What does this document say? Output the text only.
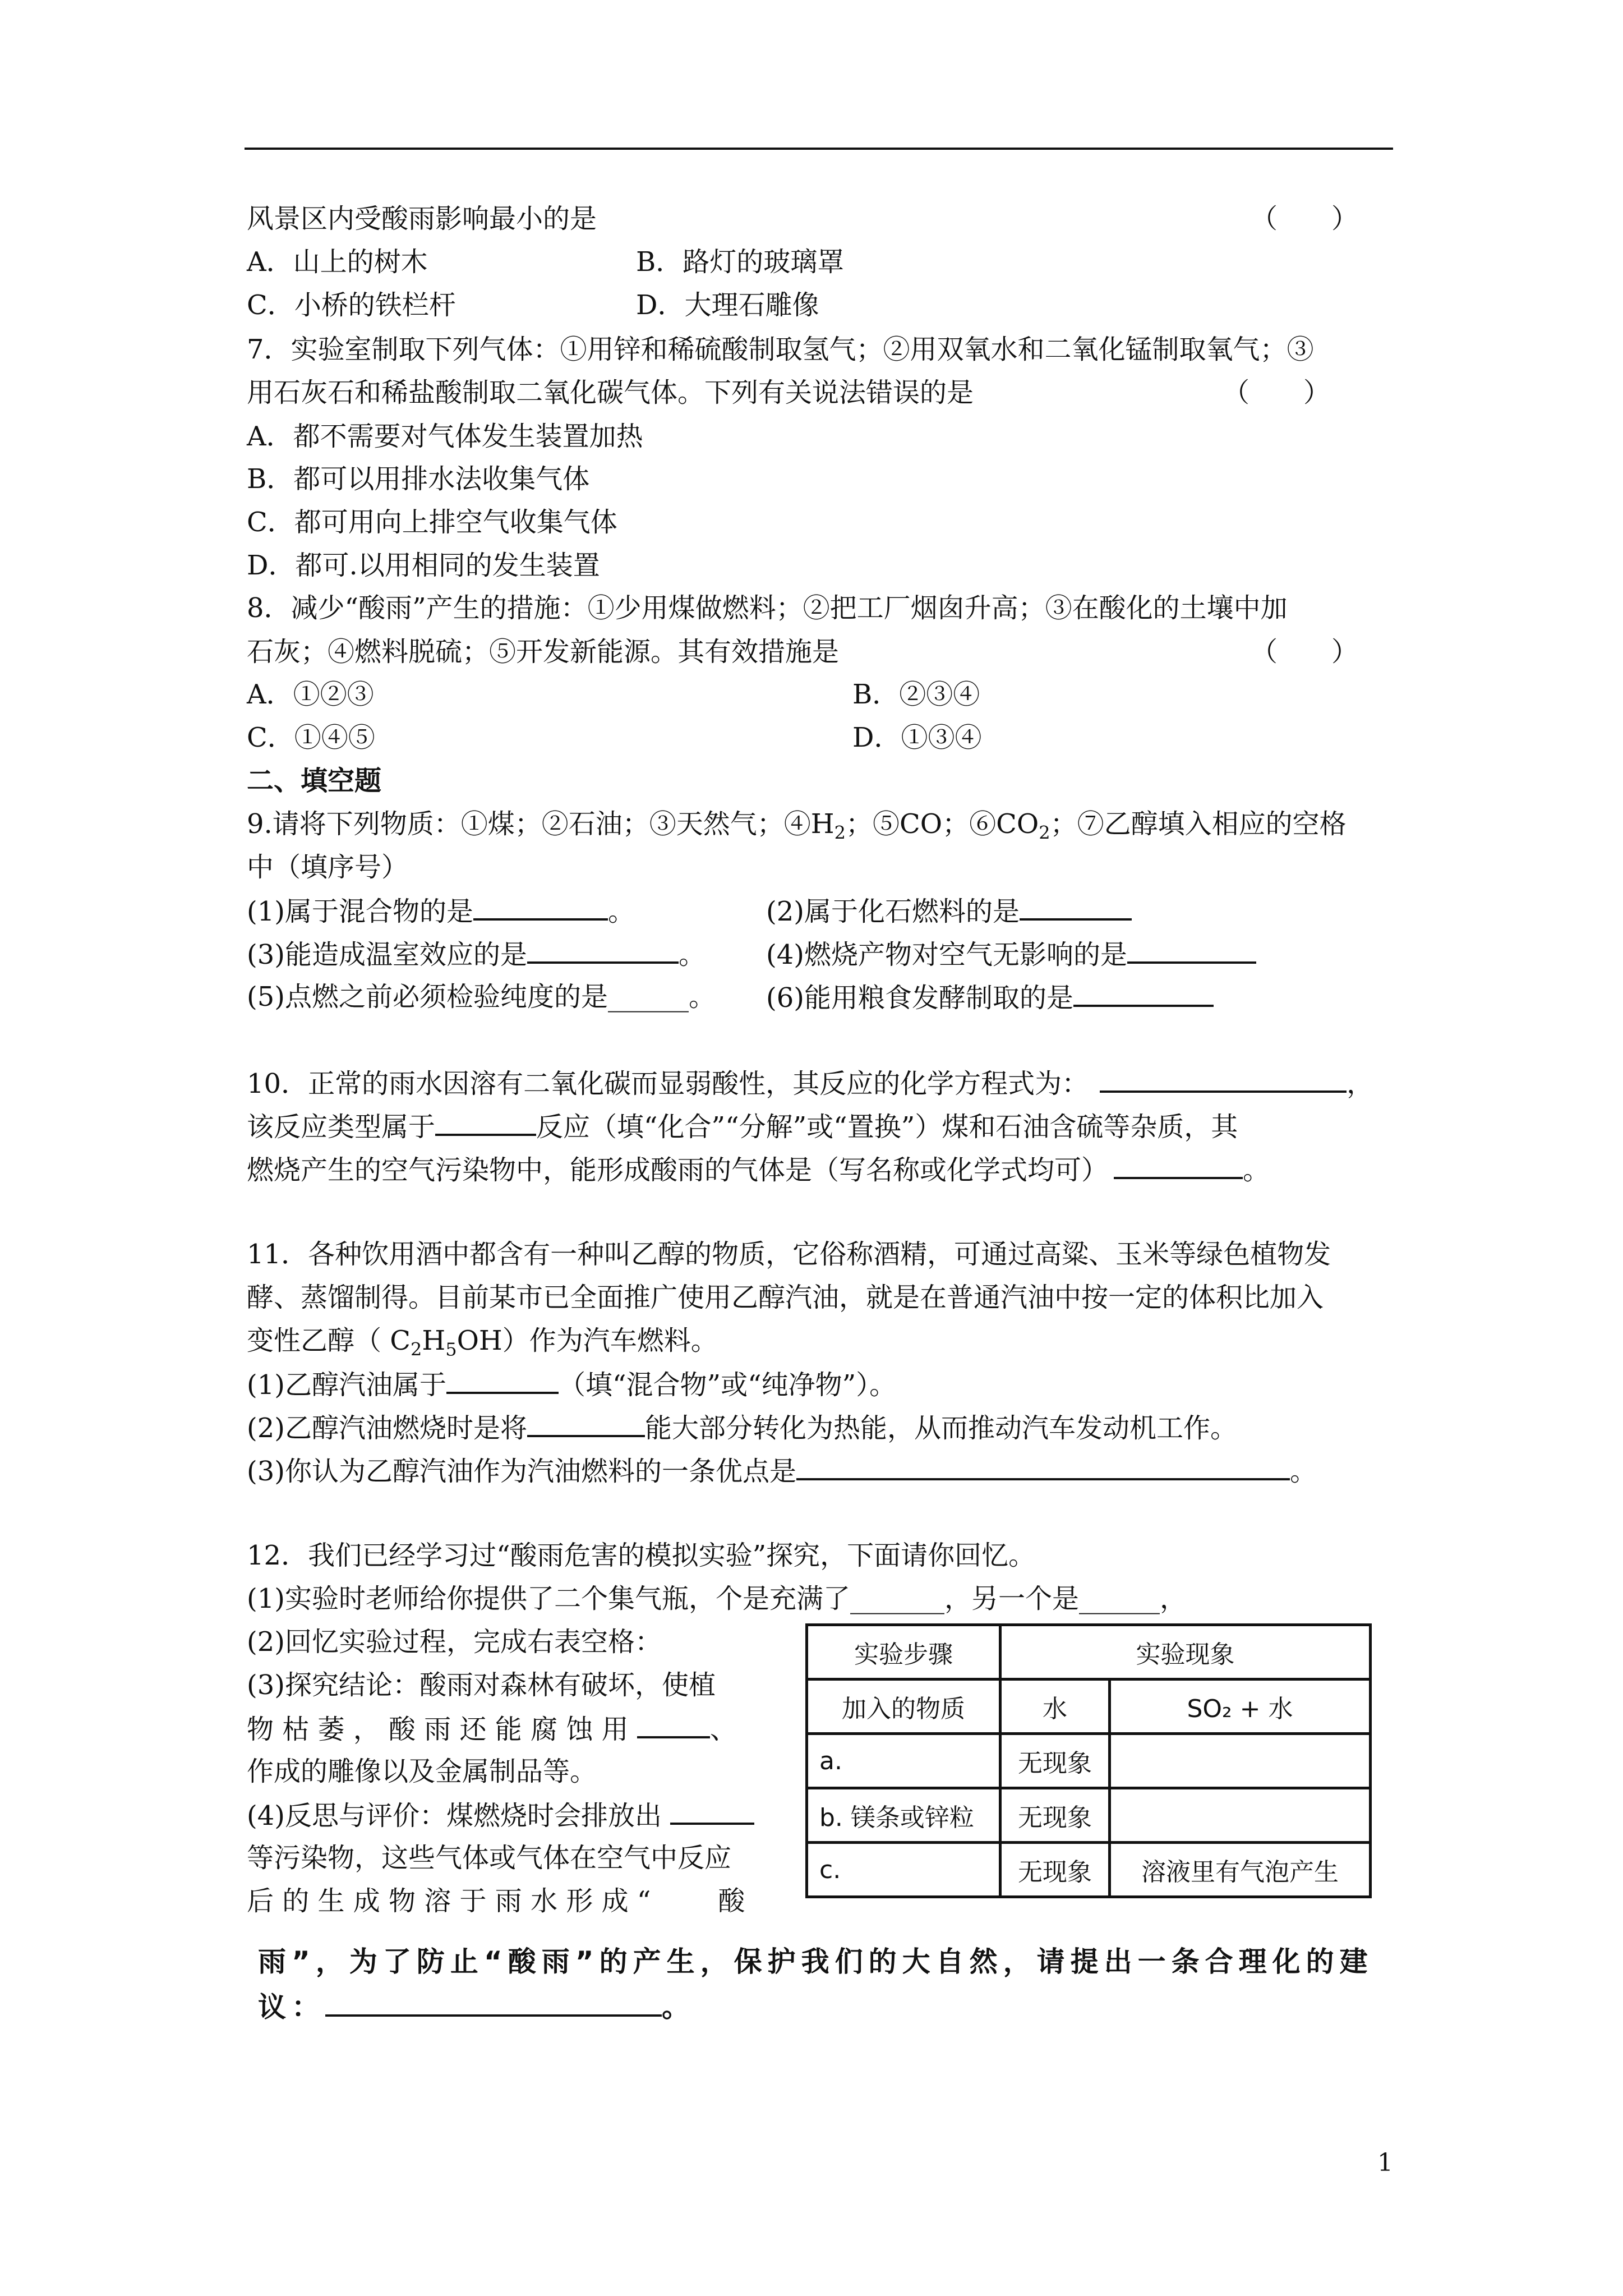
风景区内受酸雨影响最小的是	（　　）
A．山上的树木	B．路灯的玻璃罩
C．小桥的铁栏杆	D．大理石雕像
7．实验室制取下列气体：①用锌和稀硫酸制取氢气；②用双氧水和二氧化锰制取氧气；③
用石灰石和稀盐酸制取二氧化碳气体。下列有关说法错误的是	（　　）
A．都不需要对气体发生装置加热
B．都可以用排水法收集气体
C．都可用向上排空气收集气体
D．都可.以用相同的发生装置
8．减少“酸雨”产生的措施：①少用煤做燃料；②把工厂烟囱升高；③在酸化的土壤中加
石灰；④燃料脱硫；⑤开发新能源。其有效措施是	（　　）
A．①②③	B．②③④
C．①④⑤	D．①③④
二、填空题
9.请将下列物质：①煤；②石油；③天然气；$④H_2$；⑤CO；$⑥CO_2$；⑦乙醇填入相应的空格
中（填序号）
(1)属于混合物的是	。	(2)属于化石燃料的是
(3)能造成温室效应的是	。 (4)燃烧产物对空气无影响的是
(5)点燃之前必须检验纯度的是______。 (6)能用粮食发酵制取的是
10．正常的雨水因溶有二氧化碳而显弱酸性，其反应的化学方程式为：	，
该反应类型属于	反应（填“化合”“分解”或“置换”）煤和石油含硫等杂质，其
燃烧产生的空气污染物中，能形成酸雨的气体是（写名称或化学式均可）	。
11．各种饮用酒中都含有一种叫乙醇的物质，它俗称酒精，可通过高粱、玉米等绿色植物发
酵、蒸馏制得。目前某市已全面推广使用乙醇汽油，就是在普通汽油中按一定的体积比加入
变性乙醇（ $C_2H_5OH$）作为汽车燃料。
(1)乙醇汽油属于	（填“混合物”或“纯净物”）。
(2)乙醇汽油燃烧时是将	能大部分转化为热能，从而推动汽车发动机工作。
(3)你认为乙醇汽油作为汽油燃料的一条优点是	。
12．我们已经学习过“酸雨危害的模拟实验”探究，下面请你回忆。
(1)实验时老师给你提供了二个集气瓶，个是充满了_______，另一个是______，
(2)回忆实验过程，完成右表空格：
(3)探究结论：酸雨对森林有破坏，使植
物 枯 萎 ， 酸 雨 还 能 腐 蚀 用	、
作成的雕像以及金属制品等。
(4)反思与评价：煤燃烧时会排放出
等污染物，这些气体或气体在空气中反应
后 的 生 成 物 溶 于 雨 水 形 成 “	酸
雨”，为了防止“酸雨”的产生，保护我们的大自然，请提出一条合理化的建
议：	。
实验步骤	实验现象	
加入的物质	水	SO₂ + 水
a.	无现象	
b. 镁条或锌粒	无现象	
c.	无现象	溶液里有气泡产生
1
